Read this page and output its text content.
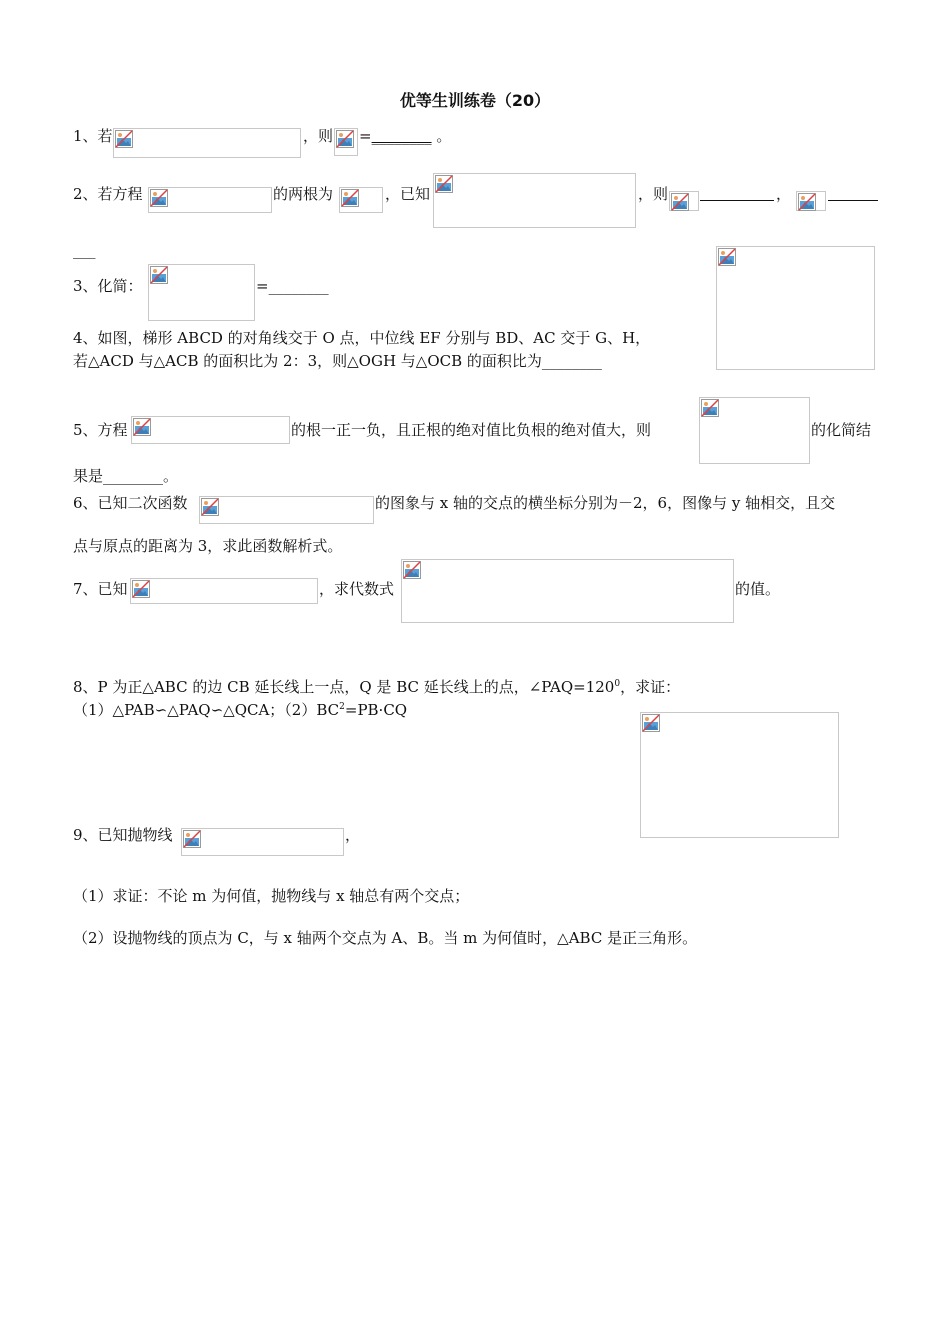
优等生训练卷（20）
1、若	，则 =________ 。
2、若方程	的两根为	，已知	，则	，
___
3、化简：	=________
4、如图，梯形 ABCD 的对角线交于 O 点，中位线 EF 分别与 BD、AC 交于 G、H，
若△ACD 与△ACB 的面积比为 2：3，则△OGH 与△OCB 的面积比为________
5、方程	的根一正一负，且正根的绝对值比负根的绝对值大，则	的化简结
果是________。
6、已知二次函数	的图象与 x 轴的交点的横坐标分别为－2，6，图像与 y 轴相交，且交
点与原点的距离为 3，求此函数解析式。
7、已知	，求代数式	的值。
8、P 为正△ABC 的边 CB 延长线上一点，Q 是 BC 延长线上的点，$\angle PAQ=120^0$，求证：
（1）△PAB∽△PAQ∽△QCA；$(2)BC^2=PB\cdot CQ$
9、已知抛物线	，
（1）求证：不论 m 为何值，抛物线与 x 轴总有两个交点；
（2）设抛物线的顶点为 C，与 x 轴两个交点为 A、B。当 m 为何值时，△ABC 是正三角形。
